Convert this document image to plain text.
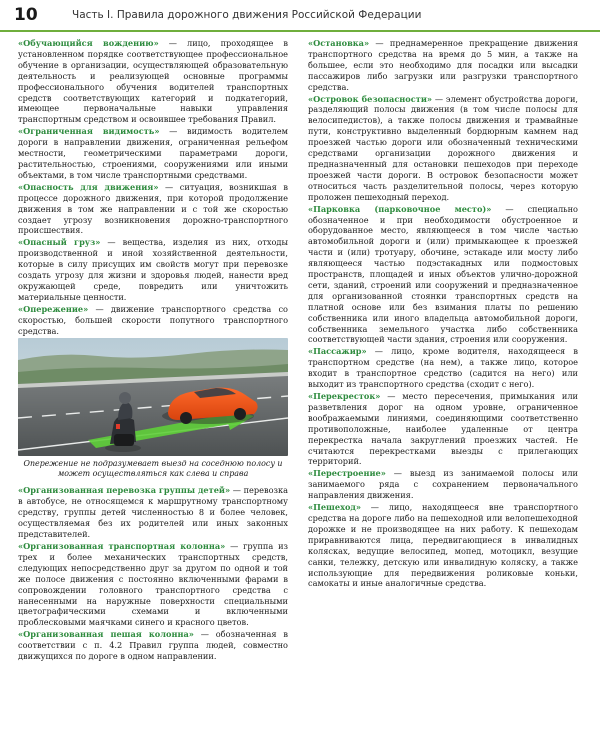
10	Часть I. Правила дорожного движения Российской Федерации

«Обучающийся вождению» — лицо, проходящее в установленном порядке соответствующее профессиональное обучение в организации, осуществляющей образовательную деятельность и реализующей основные программы профессионального обучения водителей транспортных средств соответствующих категорий и подкатегорий, имеющее первоначальные навыки управления транспортным средством и освоившее требования Правил.

«Ограниченная видимость» — видимость водителем дороги в направлении движения, ограниченная рельефом местности, геометрическими параметрами дороги, растительностью, строениями, сооружениями или иными объектами, в том числе транспортными средствами.

«Опасность для движения» — ситуация, возникшая в процессе дорожного движения, при которой продолжение движения в том же направлении и с той же скоростью создает угрозу возникновения дорожно-транспортного происшествия.

«Опасный груз» — вещества, изделия из них, отходы производственной и иной хозяйственной деятельности, которые в силу присущих им свойств могут при перевозке создать угрозу для жизни и здоровья людей, нанести вред окружающей среде, повредить или уничтожить материальные ценности.

«Опережение» — движение транспортного средства со скоростью, большей скорости попутного транспортного средства.

Опережение не подразумевает выезд на соседнюю полосу и может осуществляться как слева и справа

«Организованная перевозка группы детей» — перевозка в автобусе, не относящемся к маршрутному транспортному средству, группы детей численностью 8 и более человек, осуществляемая без их родителей или иных законных представителей.

«Организованная транспортная колонна» — группа из трех и более механических транспортных средств, следующих непосредственно друг за другом по одной и той же полосе движения с постоянно включенными фарами в сопровождении головного транспортного средства с нанесенными на наружные поверхности специальными цветографическими схемами и включенными проблесковыми маячками синего и красного цветов.

«Организованная пешая колонна» — обозначенная в соответствии с п. 4.2 Правил группа людей, совместно движущихся по дороге в одном направлении.

«Остановка» — преднамеренное прекращение движения транспортного средства на время до 5 мин, а также на большее, если это необходимо для посадки или высадки пассажиров либо загрузки или разгрузки транспортного средства.

«Островок безопасности» — элемент обустройства дороги, разделяющий полосы движения (в том числе полосы для велосипедистов), а также полосы движения и трамвайные пути, конструктивно выделенный бордюрным камнем над проезжей частью дороги или обозначенный техническими средствами организации дорожного движения и предназначенный для остановки пешеходов при переходе проезжей части дороги. В островок безопасности может относиться часть разделительной полосы, через которую проложен пешеходный переход.

«Парковка (парковочное место)» — специально обозначенное и при необходимости обустроенное и оборудованное место, являющееся в том числе частью автомобильной дороги и (или) примыкающее к проезжей части и (или) тротуару, обочине, эстакаде или мосту либо являющееся частью подэстакадных или подмостовых пространств, площадей и иных объектов улично-дорожной сети, зданий, строений или сооружений и предназначенное для организованной стоянки транспортных средств на платной основе или без взимания платы по решению собственника или иного владельца автомобильной дороги, собственника земельного участка либо собственника соответствующей части здания, строения или сооружения.

«Пассажир» — лицо, кроме водителя, находящееся в транспортном средстве (на нем), а также лицо, которое входит в транспортное средство (садится на него) или выходит из транспортного средства (сходит с него).

«Перекресток» — место пересечения, примыкания или разветвления дорог на одном уровне, ограниченное воображаемыми линиями, соединяющими соответственно противоположные, наиболее удаленные от центра перекрестка начала закруглений проезжих частей. Не считаются перекрестками выезды с прилегающих территорий.

«Перестроение» — выезд из занимаемой полосы или занимаемого ряда с сохранением первоначального направления движения.

«Пешеход» — лицо, находящееся вне транспортного средства на дороге либо на пешеходной или велопешеходной дорожке и не производящее на них работу. К пешеходам приравниваются лица, передвигающиеся в инвалидных колясках, ведущие велосипед, мопед, мотоцикл, везущие санки, тележку, детскую или инвалидную коляску, а также использующие для передвижения роликовые коньки, самокаты и иные аналогичные средства.
